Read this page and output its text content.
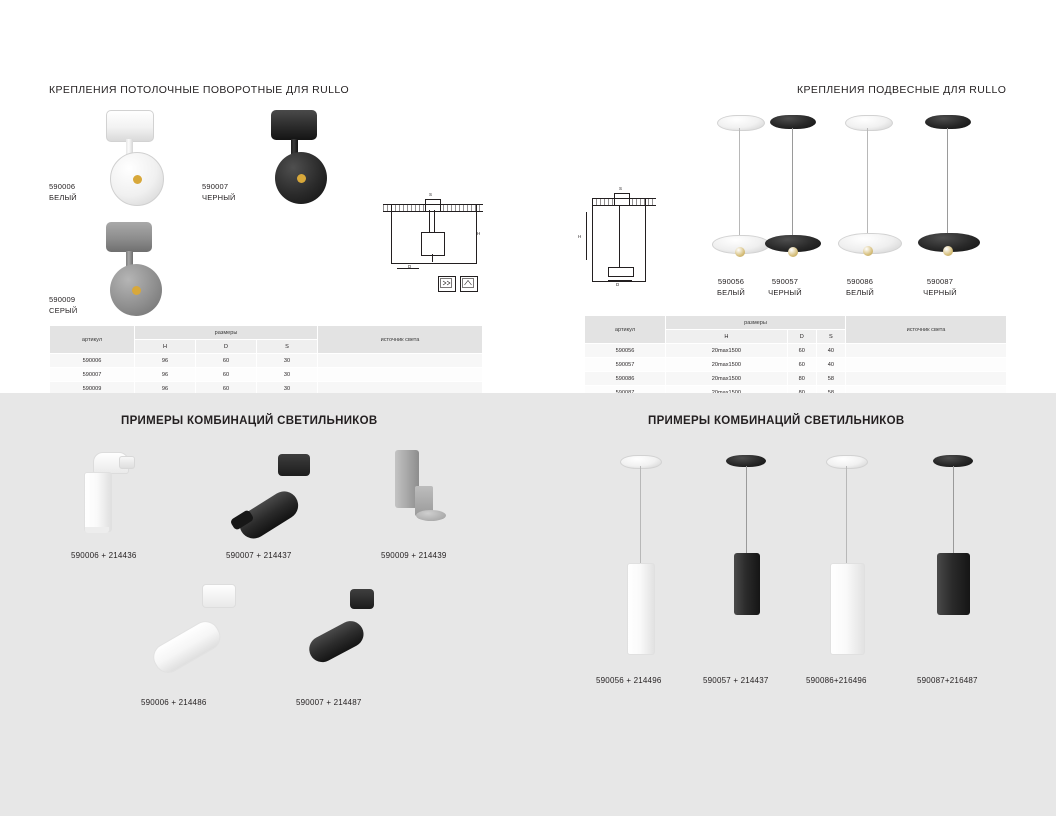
КРЕПЛЕНИЯ ПОТОЛОЧНЫЕ ПОВОРОТНЫЕ ДЛЯ RULLO	КРЕПЛЕНИЯ ПОДВЕСНЫЕ ДЛЯ RULLO
590006
БЕЛЫЙ
590007
ЧЕРНЫЙ
590009
СЕРЫЙ
S
H
D
артикул	размеры			источник света
	H	D	S	
590006	96	60	30	
590007	96	60	30	
590009	96	60	30	

590056
БЕЛЫЙ
590057
ЧЕРНЫЙ
590086
БЕЛЫЙ
590087
ЧЕРНЫЙ
S
H
D
артикул	размеры			источник света
	H	D	S	
590056	20max1500	60	40	
590057	20max1500	60	40	
590086	20max1500	80	58	

ПРИМЕРЫ КОМБИНАЦИЙ СВЕТИЛЬНИКОВ	ПРИМЕРЫ КОМБИНАЦИЙ СВЕТИЛЬНИКОВ
590006 + 214436	590007 + 214437	590009 + 214439
590006 + 214486	590007 + 214487
590056 + 214496	590057 + 214437	590086+216496	590087+216487
